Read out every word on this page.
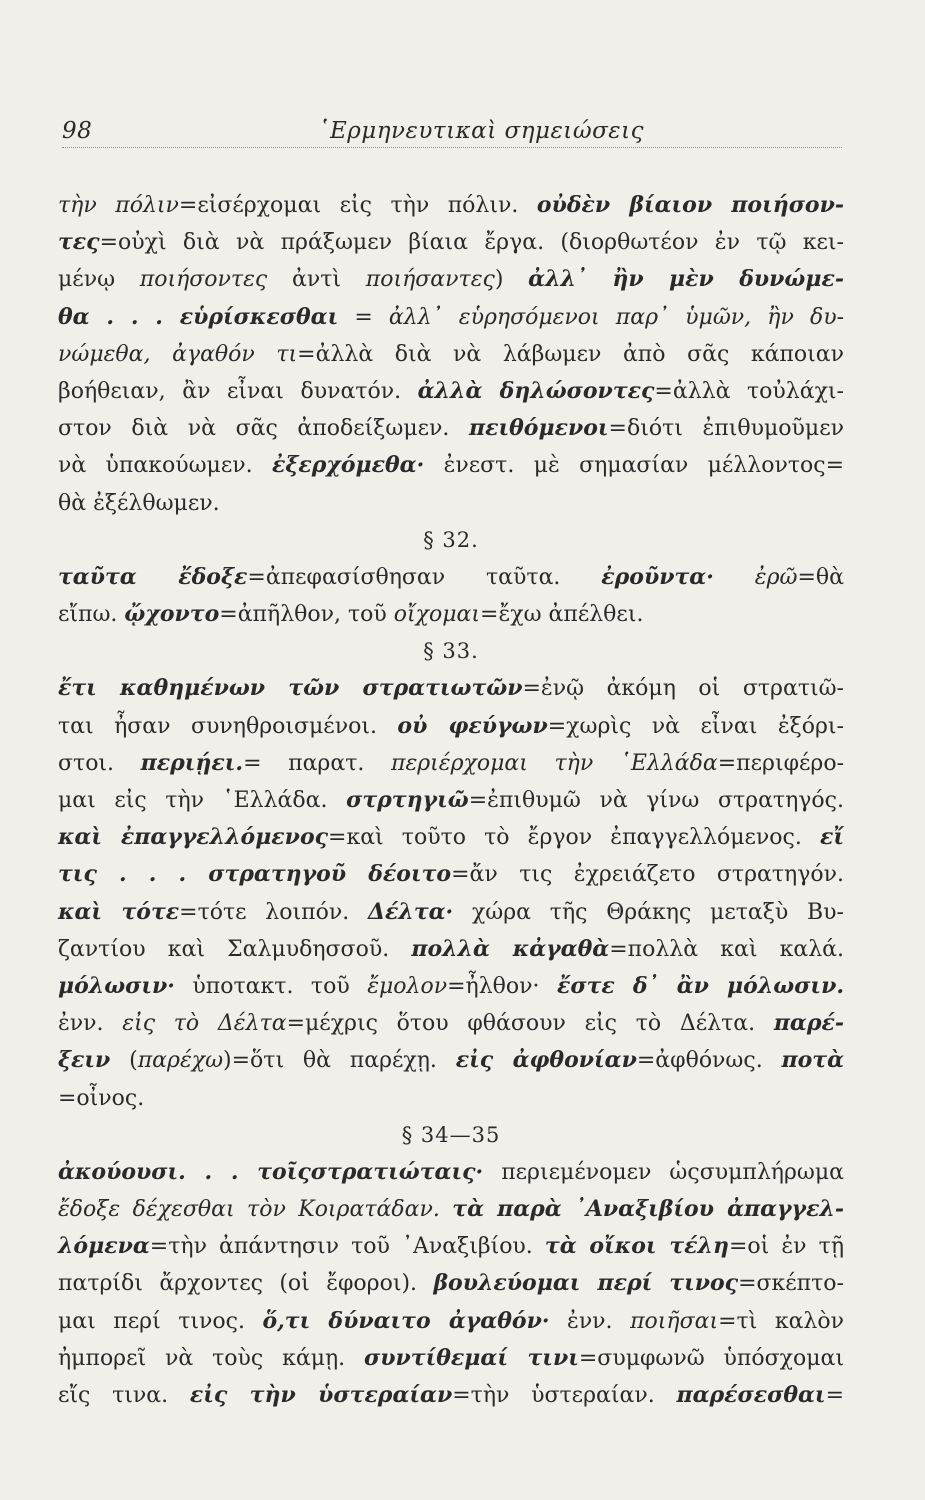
98	῾Ερμηνευτικαὶ σημειώσεις
τὴν πόλιν=εἰσέρχομαι εἰς τὴν πόλιν. οὐδὲν βίαιον ποιήσον-
τες=οὐχὶ διὰ νὰ πράξωμεν βίαια ἔργα. (διορθωτέον ἐν τῷ κει-
μένῳ ποιήσοντες ἀντὶ ποιήσαντες) ἀλλ᾽ ἢν μὲν δυνώμε-
θα . . . εὑρίσκεσθαι = ἀλλ᾽ εὑρησόμενοι παρ᾽ ὑμῶν, ἢν δυ-
νώμεθα, ἀγαθόν τι=ἀλλὰ διὰ νὰ λάβωμεν ἀπὸ σᾶς κάποιαν
βοήθειαν, ἂν εἶναι δυνατόν. ἀλλὰ δηλώσοντες=ἀλλὰ τοὐλάχι-
στον διὰ νὰ σᾶς ἀποδείξωμεν. πειθόμενοι=διότι ἐπιθυμοῦμεν
νὰ ὑπακούωμεν. ἐξερχόμεθα· ἐνεστ. μὲ σημασίαν μέλλοντος=
θὰ ἐξέλθωμεν.
§ 32.
ταῦτα ἔδοξε=ἀπεφασίσθησαν ταῦτα. ἐροῦντα· ἐρῶ=θὰ
εἴπω. ᾤχοντο=ἀπῆλθον, τοῦ οἴχομαι=ἔχω ἀπέλθει.
§ 33.
ἔτι καθημένων τῶν στρατιωτῶν=ἐνῷ ἀκόμη οἱ στρατιῶ-
ται ἦσαν συνηθροισμένοι. οὐ φεύγων=χωρὶς νὰ εἶναι ἐξόρι-
στοι. περιῄει.= παρατ. περιέρχομαι τὴν ῾Ελλάδα=περιφέρο-
μαι εἰς τὴν ῾Ελλάδα. στρτηγιῶ=ἐπιθυμῶ νὰ γίνω στρατηγός.
καὶ ἐπαγγελλόμενος=καὶ τοῦτο τὸ ἔργον ἐπαγγελλόμενος. εἴ
τις . . . στρατηγοῦ δέοιτο=ἄν τις ἐχρειάζετο στρατηγόν.
καὶ τότε=τότε λοιπόν. Δέλτα· χώρα τῆς Θράκης μεταξὺ Βυ-
ζαντίου καὶ Σαλμυδησσοῦ. πολλὰ κἀγαθὰ=πολλὰ καὶ καλά.
μόλωσιν· ὑποτακτ. τοῦ ἔμολον=ἦλθον· ἔστε δ᾽ ἂν μόλωσιν.
ἐνν. εἰς τὸ Δέλτα=μέχρις ὅτου φθάσουν εἰς τὸ Δέλτα. παρέ-
ξειν (παρέχω)=ὅτι θὰ παρέχῃ. εἰς ἀφθονίαν=ἀφθόνως. ποτὰ
=οἶνος.
§ 34—35
ἀκούουσι. . . τοῖςστρατιώταις· περιεμένομεν ὡςσυμπλήρωμα
ἔδοξε δέχεσθαι τὸν Κοιρατάδαν. τὰ παρὰ ᾿Αναξιβίου ἀπαγγελ-
λόμενα=τὴν ἀπάντησιν τοῦ ᾿Αναξιβίου. τὰ οἴκοι τέλη=οἱ ἐν τῇ
πατρίδι ἄρχοντες (οἱ ἔφοροι). βουλεύομαι περί τινος=σκέπτο-
μαι περί τινος. ὅ,τι δύναιτο ἀγαθόν· ἐνν. ποιῆσαι=τὶ καλὸν
ἠμπορεῖ νὰ τοὺς κάμῃ. συντίθεμαί τινι=συμφωνῶ ὑπόσχομαι
εἴς τινα. εἰς τὴν ὑστεραίαν=τὴν ὑστεραίαν. παρέσεσθαι=
